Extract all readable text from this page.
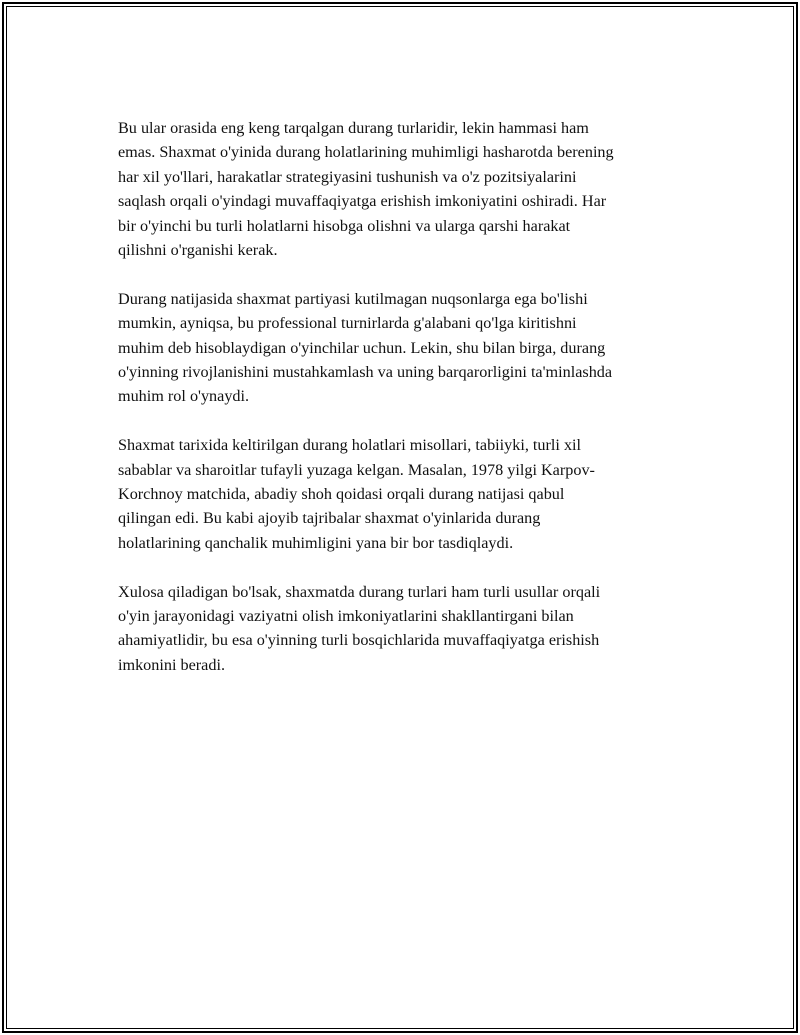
Bu ular orasida eng keng tarqalgan durang turlaridir, lekin hammasi ham
emas. Shaxmat o'yinida durang holatlarining muhimligi hasharotda berening
har xil yo'llari, harakatlar strategiyasini tushunish va o'z pozitsiyalarini
saqlash orqali o'yindagi muvaffaqiyatga erishish imkoniyatini oshiradi. Har
bir o'yinchi bu turli holatlarni hisobga olishni va ularga qarshi harakat
qilishni o'rganishi kerak.

Durang natijasida shaxmat partiyasi kutilmagan nuqsonlarga ega bo'lishi
mumkin, ayniqsa, bu professional turnirlarda g'alabani qo'lga kiritishni
muhim deb hisoblaydigan o'yinchilar uchun. Lekin, shu bilan birga, durang
o'yinning rivojlanishini mustahkamlash va uning barqarorligini ta'minlashda
muhim rol o'ynaydi.

Shaxmat tarixida keltirilgan durang holatlari misollari, tabiiyki, turli xil
sabablar va sharoitlar tufayli yuzaga kelgan. Masalan, 1978 yilgi Karpov-
Korchnoy matchida, abadiy shoh qoidasi orqali durang natijasi qabul
qilingan edi. Bu kabi ajoyib tajribalar shaxmat o'yinlarida durang
holatlarining qanchalik muhimligini yana bir bor tasdiqlaydi.

Xulosa qiladigan bo'lsak, shaxmatda durang turlari ham turli usullar orqali
o'yin jarayonidagi vaziyatni olish imkoniyatlarini shakllantirgani bilan
ahamiyatlidir, bu esa o'yinning turli bosqichlarida muvaffaqiyatga erishish
imkonini beradi.
